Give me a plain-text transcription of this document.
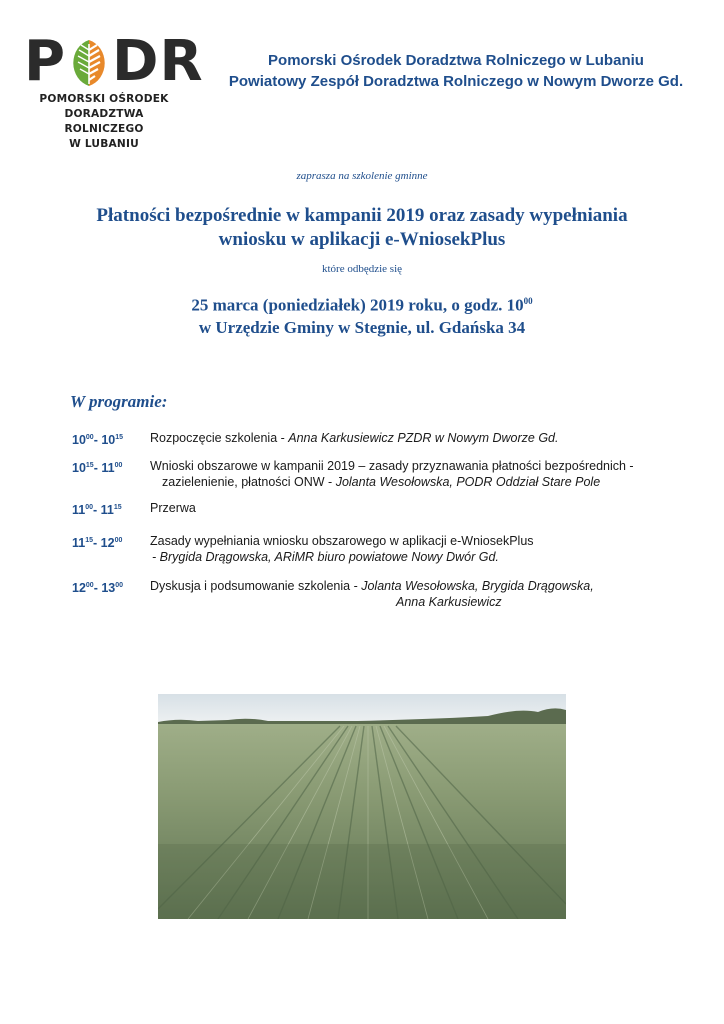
P DR
POMORSKI OŚRODEK
DORADZTWA ROLNICZEGO
W LUBANIU
Pomorski Ośrodek Doradztwa Rolniczego w Lubaniu
Powiatowy Zespół Doradztwa Rolniczego w Nowym Dworze Gd.
zaprasza na szkolenie gminne
Płatności bezpośrednie w kampanii 2019 oraz zasady wypełniania
wniosku w aplikacji e-WniosekPlus
które odbędzie się
25 marca (poniedziałek) 2019 roku, o godz. $10^{00}$
w Urzędzie Gminy w Stegnie, ul. Gdańska 34
W programie:
$10^{00}-$ $10^{15}$	Rozpoczęcie szkolenia - Anna Karkusiewicz PZDR w Nowym Dworze Gd.
$10^{15}-$ $11^{00}$	Wnioski obszarowe w kampanii 2019 – zasady przyznawania płatności bezpośrednich -
zazielenienie, płatności ONW - Jolanta Wesołowska, PODR Oddział Stare Pole
$11^{00}-$ $11^{15}$	Przerwa
$11^{15}-$ $12^{00}$	Zasady wypełniania wniosku obszarowego w aplikacji e-WniosekPlus
- Brygida Drągowska, ARiMR biuro powiatowe Nowy Dwór Gd.
$12^{00}-$ $13^{00}$	Dyskusja i podsumowanie szkolenia - Jolanta Wesołowska, Brygida Drągowska,
Anna Karkusiewicz
